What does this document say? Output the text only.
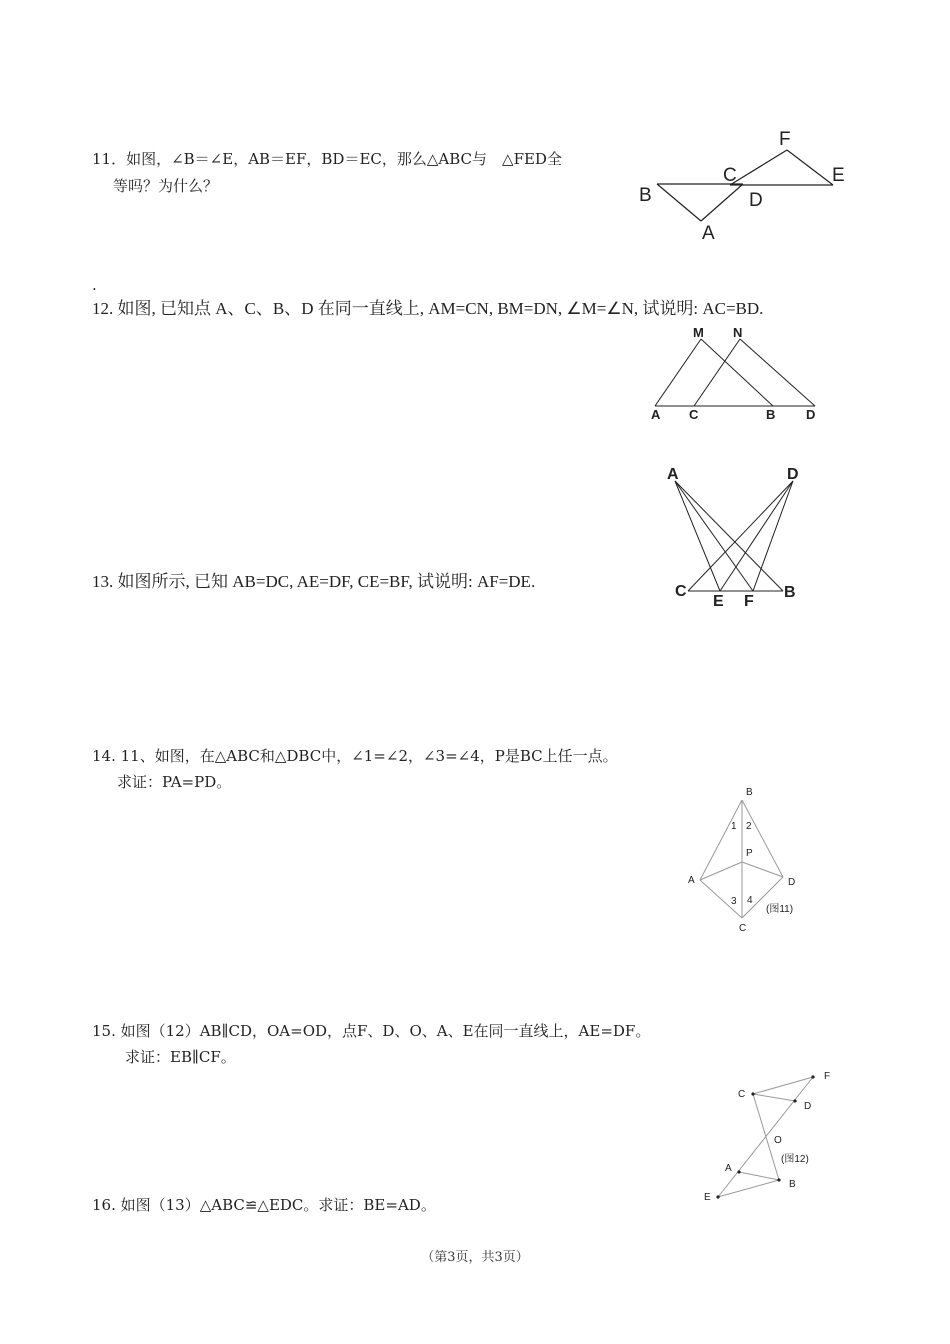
11．如图，∠B＝∠E，AB＝EF，BD＝EC，那么△ABC与　△FED全
等吗？为什么？
F
C	E
B	D
A
.
12. 如图, 已知点 A、C、B、D 在同一直线上, AM=CN, BM=DN, ∠M=∠N, 试说明: AC=BD.
M N
A C	B D
A	D
C
E F
B
13. 如图所示, 已知 AB=DC, AE=DF, CE=BF, 试说明: AF=DE.
14. 11、如图，在△ABC和△DBC中，∠1=∠2，∠3=∠4，P是BC上任一点。
求证：PA=PD。
B
1 2
P
A	D
3 4
(图11)
C
15. 如图（12）AB∥CD，OA=OD，点F、D、O、A、E在同一直线上，AE=DF。
求证：EB∥CF。
F
C
D
O
(图12)
A
B
E
16. 如图（13）△ABC≌△EDC。求证：BE=AD。
（第3页，共3页）
